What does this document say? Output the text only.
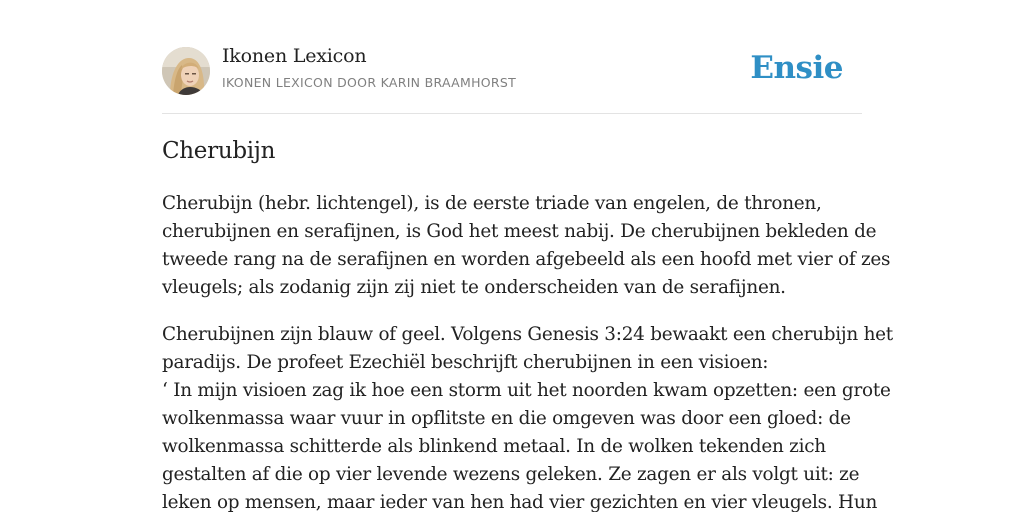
Ikonen Lexicon
IKONEN LEXICON DOOR KARIN BRAAMHORST	Ensie
Cherubijn

Cherubijn (hebr. lichtengel), is de eerste triade van engelen, de thronen,
cherubijnen en serafijnen, is God het meest nabij. De cherubijnen bekleden de
tweede rang na de serafijnen en worden afgebeeld als een hoofd met vier of zes
vleugels; als zodanig zijn zij niet te onderscheiden van de serafijnen.

Cherubijnen zijn blauw of geel. Volgens Genesis 3:24 bewaakt een cherubijn het
paradijs. De profeet Ezechiël beschrijft cherubijnen in een visioen:
‘ In mijn visioen zag ik hoe een storm uit het noorden kwam opzetten: een grote
wolkenmassa waar vuur in opflitste en die omgeven was door een gloed: de
wolkenmassa schitterde als blinkend metaal. In de wolken tekenden zich
gestalten af die op vier levende wezens geleken. Ze zagen er als volgt uit: ze
leken op mensen, maar ieder van hen had vier gezichten en vier vleugels. Hun
